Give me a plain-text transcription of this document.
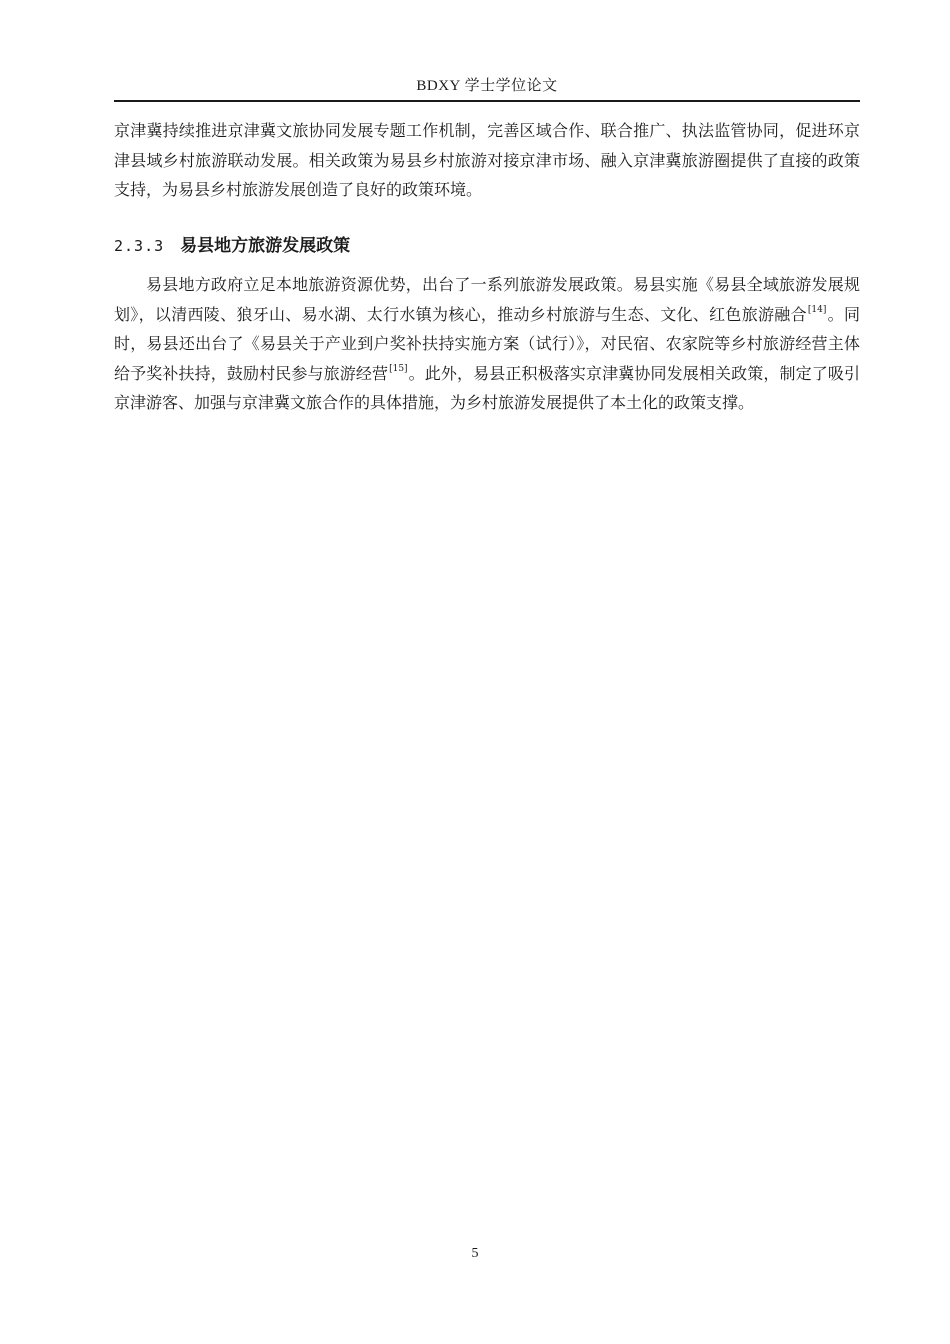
BDXY 学士学位论文

京津冀持续推进京津冀文旅协同发展专题工作机制，完善区域合作、联合推广、执法监管协同，促进环京津县域乡村旅游联动发展。相关政策为易县乡村旅游对接京津市场、融入京津冀旅游圈提供了直接的政策支持，为易县乡村旅游发展创造了良好的政策环境。

2.3.3 易县地方旅游发展政策

易县地方政府立足本地旅游资源优势，出台了一系列旅游发展政策。易县实施《易县全域旅游发展规划》，以清西陵、狼牙山、易水湖、太行水镇为核心，推动乡村旅游与生态、文化、红色旅游融合[14]。同时，易县还出台了《易县关于产业到户奖补扶持实施方案（试行）》，对民宿、农家院等乡村旅游经营主体给予奖补扶持，鼓励村民参与旅游经营[15]。此外，易县正积极落实京津冀协同发展相关政策，制定了吸引京津游客、加强与京津冀文旅合作的具体措施，为乡村旅游发展提供了本土化的政策支撑。

5
